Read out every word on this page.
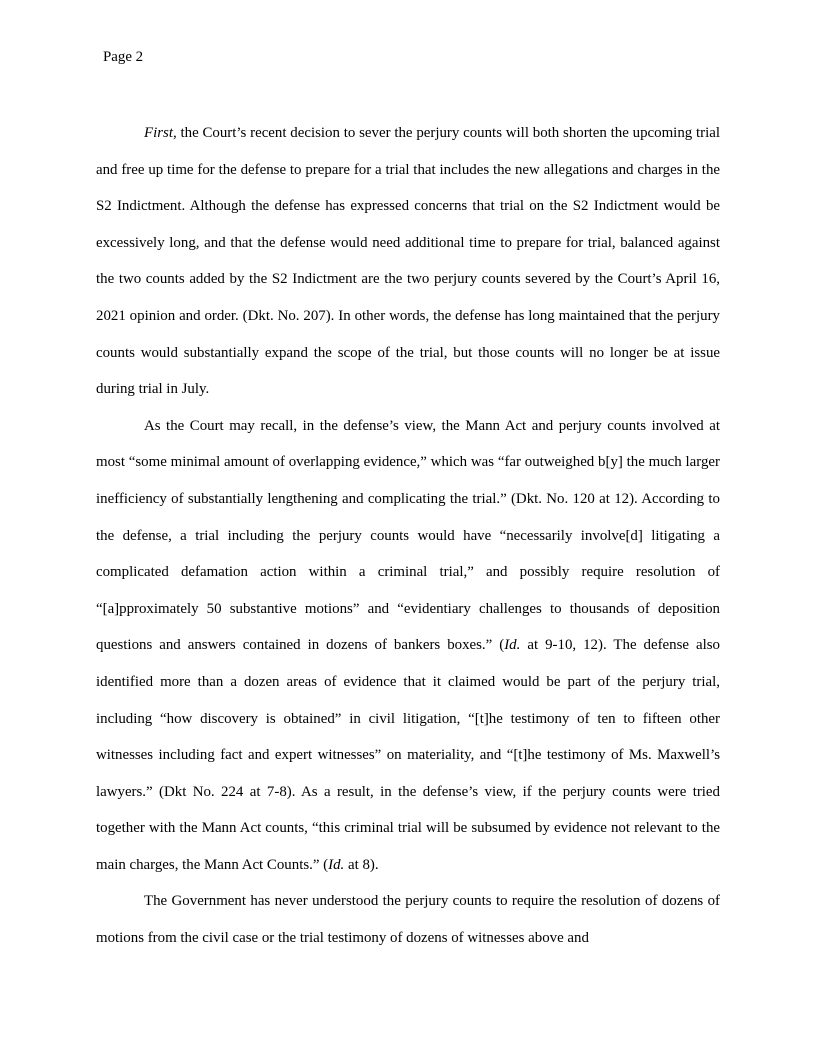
Page 2

First, the Court’s recent decision to sever the perjury counts will both shorten the upcoming trial and free up time for the defense to prepare for a trial that includes the new allegations and charges in the S2 Indictment. Although the defense has expressed concerns that trial on the S2 Indictment would be excessively long, and that the defense would need additional time to prepare for trial, balanced against the two counts added by the S2 Indictment are the two perjury counts severed by the Court’s April 16, 2021 opinion and order. (Dkt. No. 207). In other words, the defense has long maintained that the perjury counts would substantially expand the scope of the trial, but those counts will no longer be at issue during trial in July.

As the Court may recall, in the defense’s view, the Mann Act and perjury counts involved at most “some minimal amount of overlapping evidence,” which was “far outweighed b[y] the much larger inefficiency of substantially lengthening and complicating the trial.” (Dkt. No. 120 at 12). According to the defense, a trial including the perjury counts would have “necessarily involve[d] litigating a complicated defamation action within a criminal trial,” and possibly require resolution of “[a]pproximately 50 substantive motions” and “evidentiary challenges to thousands of deposition questions and answers contained in dozens of bankers boxes.” (Id. at 9-10, 12). The defense also identified more than a dozen areas of evidence that it claimed would be part of the perjury trial, including “how discovery is obtained” in civil litigation, “[t]he testimony of ten to fifteen other witnesses including fact and expert witnesses” on materiality, and “[t]he testimony of Ms. Maxwell’s lawyers.” (Dkt No. 224 at 7-8). As a result, in the defense’s view, if the perjury counts were tried together with the Mann Act counts, “this criminal trial will be subsumed by evidence not relevant to the main charges, the Mann Act Counts.” (Id. at 8).

The Government has never understood the perjury counts to require the resolution of dozens of motions from the civil case or the trial testimony of dozens of witnesses above and
